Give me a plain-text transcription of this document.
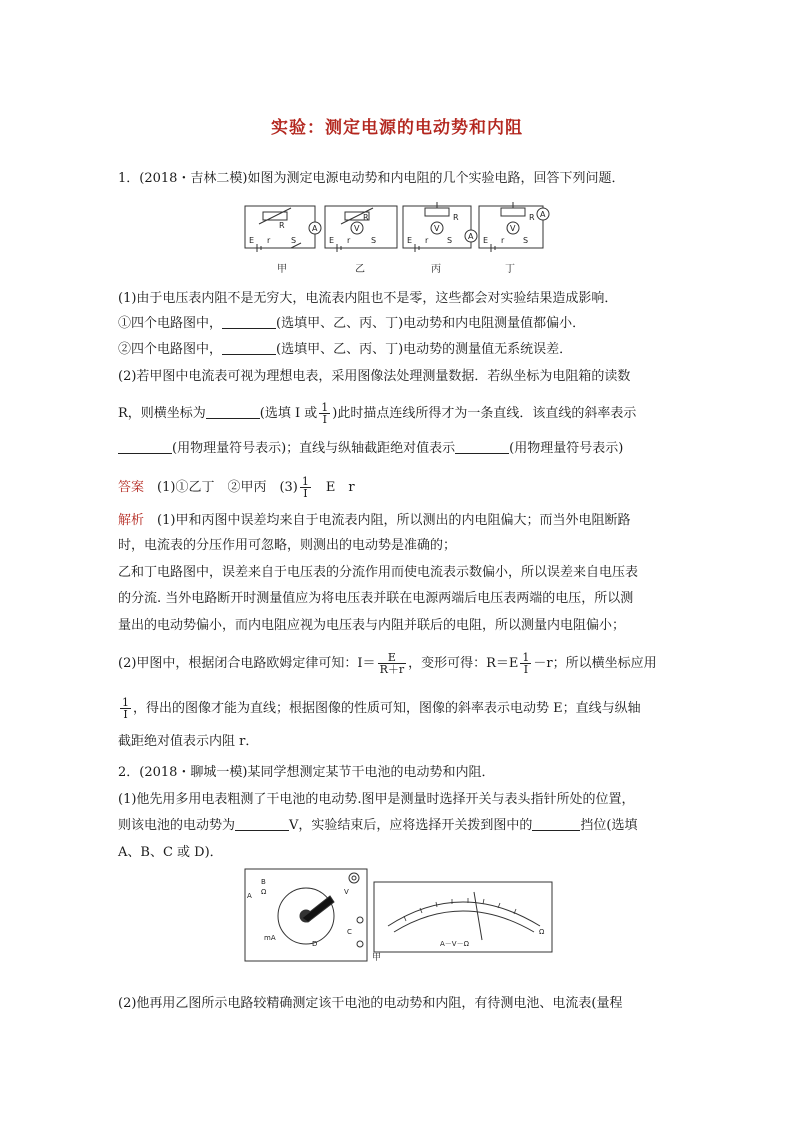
实验：测定电源的电动势和内阻
1．(2018・吉林二模)如图为测定电源电动势和内电阻的几个实验电路，回答下列问题．
R	A
E r	S
R
V
E r	S
R
V
A
E r S
R
V
A
E r S
甲	乙	丙	丁
(1)由于电压表内阻不是无穷大，电流表内阻也不是零，这些都会对实验结果造成影响．
①四个电路图中，	(选填甲、乙、丙、丁)电动势和内电阻测量值都偏小．
②四个电路图中，	(选填甲、乙、丙、丁)电动势的测量值无系统误差．
(2)若甲图中电流表可视为理想电表，采用图像法处理测量数据．若纵坐标为电阻箱的读数
R，则横坐标为	(选填 I 或 $\frac{1}{I}$ )此时描点连线所得才为一条直线．该直线的斜率表示
(用物理量符号表示)；直线与纵轴截距绝对值表示	(用物理量符号表示)
答案　 (1)①乙丁　②甲丙　$(3) \frac{1}{I}$
　 E　r
解析　 (1)甲和丙图中误差均来自于电流表内阻，所以测出的内电阻偏大；而当外电阻断路
时，电流表的分压作用可忽略，则测出的电动势是准确的；
乙和丁电路图中，误差来自于电压表的分流作用而使电流表示数偏小，所以误差来自电压表
的分流. 当外电路断开时测量值应为将电压表并联在电源两端后电压表两端的电压，所以测
量出的电动势偏小，而内电阻应视为电压表与内阻并联后的电阻，所以测量内电阻偏小；
(2)甲图中，根据闭合电路欧姆定律可知：$I= \frac{E}{R+r}$ ，变形可得：$R=E \frac{1}{I} -r$；所以横坐标应用
$\frac{1}{I}$ ，得出的图像才能为直线；根据图像的性质可知，图像的斜率表示电动势 E；直线与纵轴
截距绝对值表示内阻 r．
2．(2018・聊城一模)某同学想测定某节干电池的电动势和内阻．
(1)他先用多用电表粗测了干电池的电动势.图甲是测量时选择开关与表头指针所处的位置，
则该电池的电动势为	V，实验结束后，应将选择开关拨到图中的	挡位(选填
A、B、C 或 D)．
B
A Ω
C
D
mA
V
A－V－Ω
Ω
甲
(2)他再用乙图所示电路较精确测定该干电池的电动势和内阻，有待测电池、电流表(量程
